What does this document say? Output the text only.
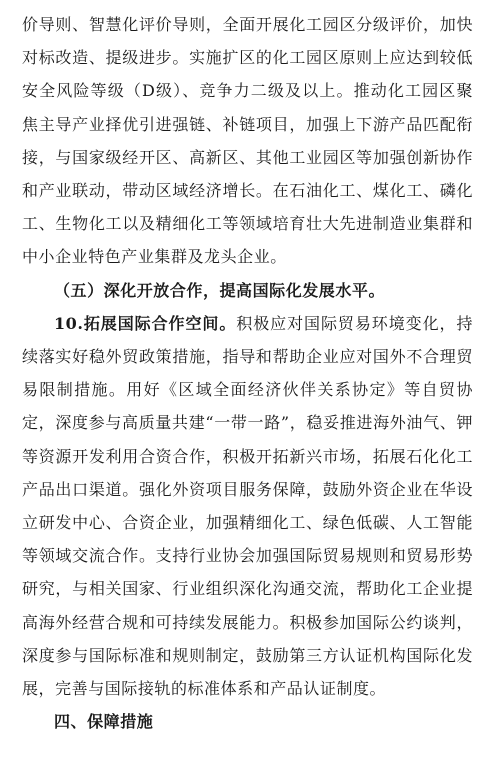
价导则、智慧化评价导则，全面开展化工园区分级评价，加快对标改造、提级进步。实施扩区的化工园区原则上应达到较低安全风险等级（D级）、竞争力二级及以上。推动化工园区聚焦主导产业择优引进强链、补链项目，加强上下游产品匹配衔接，与国家级经开区、高新区、其他工业园区等加强创新协作和产业联动，带动区域经济增长。在石油化工、煤化工、磷化工、生物化工以及精细化工等领域培育壮大先进制造业集群和中小企业特色产业集群及龙头企业。

（五）深化开放合作，提高国际化发展水平。

10.拓展国际合作空间。积极应对国际贸易环境变化，持续落实好稳外贸政策措施，指导和帮助企业应对国外不合理贸易限制措施。用好《区域全面经济伙伴关系协定》等自贸协定，深度参与高质量共建“一带一路”，稳妥推进海外油气、钾等资源开发利用合资合作，积极开拓新兴市场，拓展石化化工产品出口渠道。强化外资项目服务保障，鼓励外资企业在华设立研发中心、合资企业，加强精细化工、绿色低碳、人工智能等领域交流合作。支持行业协会加强国际贸易规则和贸易形势研究，与相关国家、行业组织深化沟通交流，帮助化工企业提高海外经营合规和可持续发展能力。积极参加国际公约谈判，深度参与国际标准和规则制定，鼓励第三方认证机构国际化发展，完善与国际接轨的标准体系和产品认证制度。

四、保障措施
